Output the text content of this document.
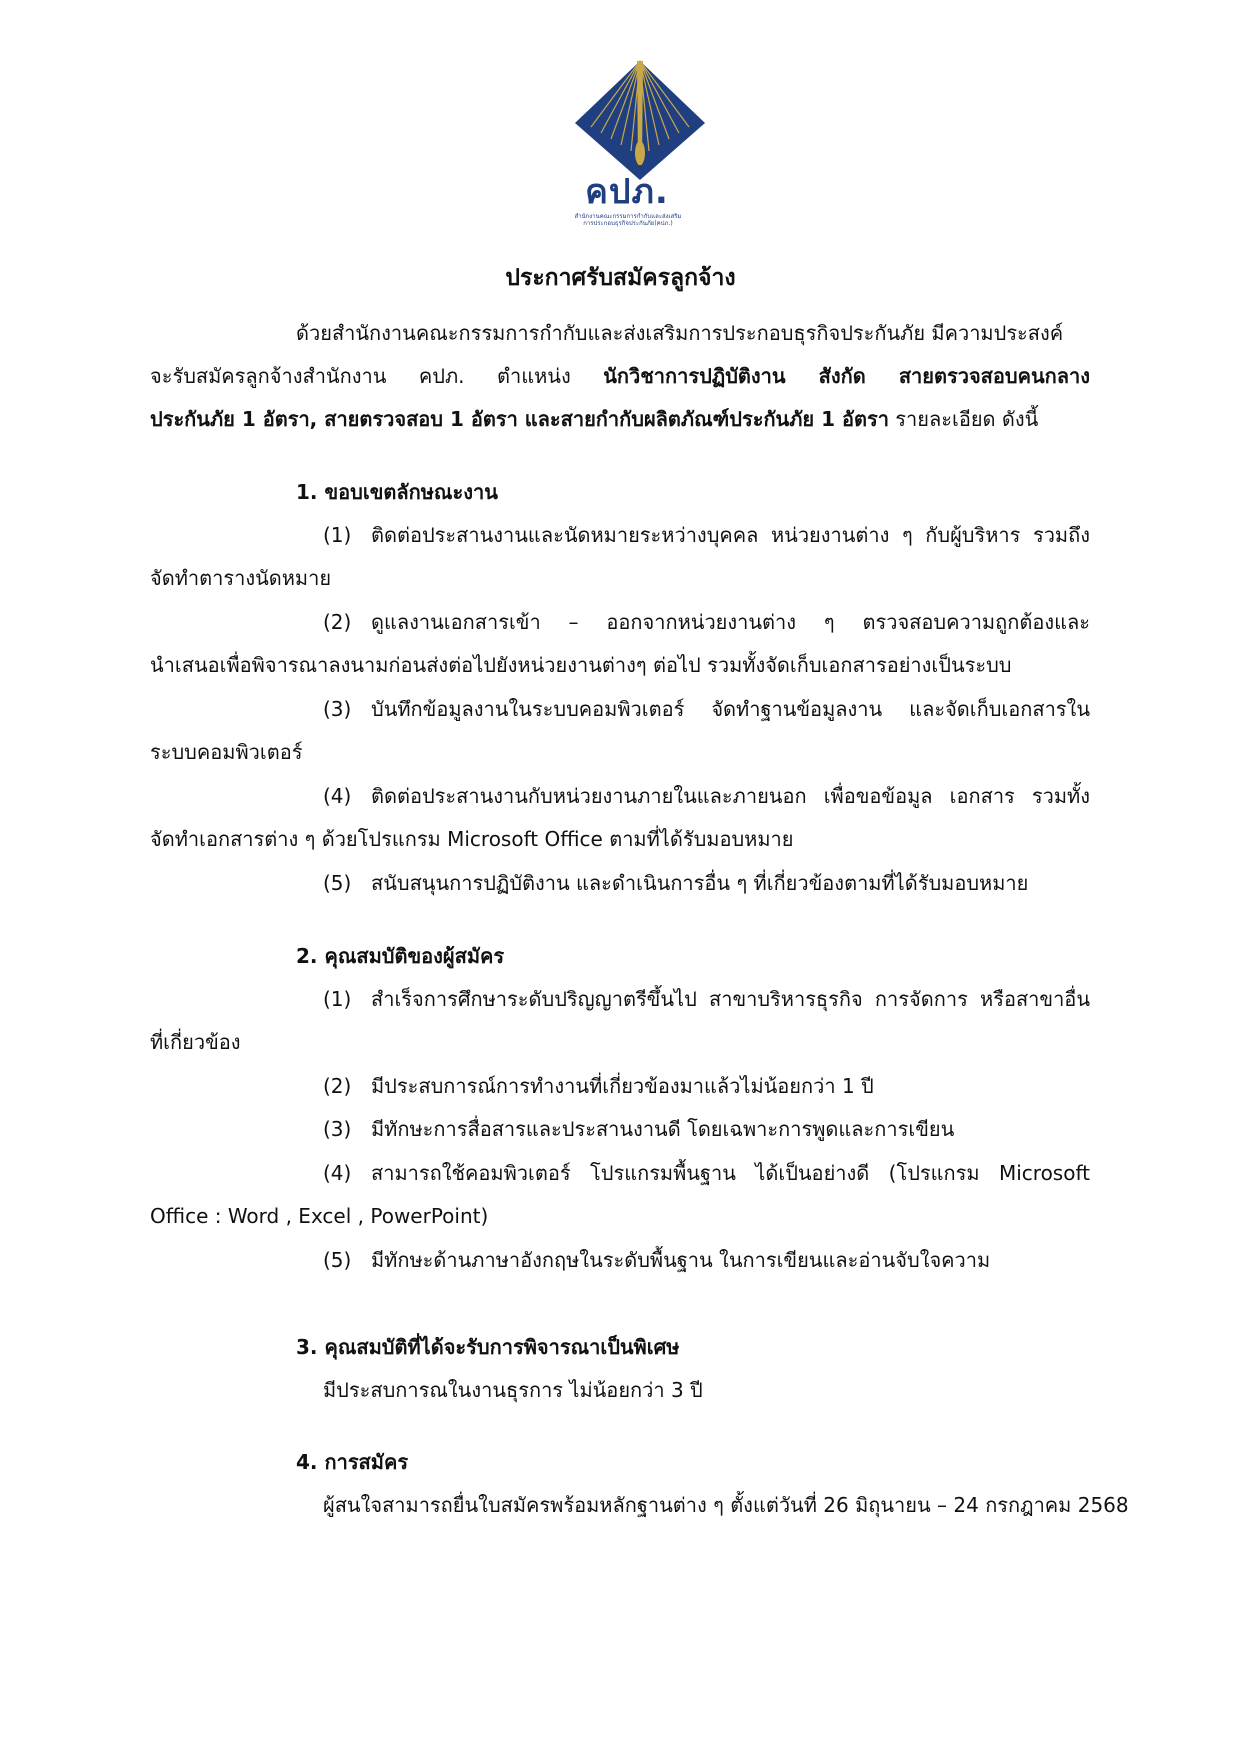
คปภ.
สำนักงานคณะกรรมการกำกับและส่งเสริม
การประกอบธุรกิจประกันภัย(คปภ.)
ประกาศรับสมัครลูกจ้าง
ด้วยสำนักงานคณะกรรมการกำกับและส่งเสริมการประกอบธุรกิจประกันภัย มีความประสงค์
จะรับสมัครลูกจ้างสำนักงาน คปภ. ตำแหน่ง นักวิชาการปฏิบัติงาน สังกัด สายตรวจสอบคนกลาง
ประกันภัย 1 อัตรา, สายตรวจสอบ 1 อัตรา และสายกำกับผลิตภัณฑ์ประกันภัย 1 อัตรา รายละเอียด ดังนี้
1. ขอบเขตลักษณะงาน
(1) ติดต่อประสานงานและนัดหมายระหว่างบุคคล หน่วยงานต่าง ๆ กับผู้บริหาร รวมถึง
จัดทำตารางนัดหมาย
(2) ดูแลงานเอกสารเข้า – ออกจากหน่วยงานต่าง ๆ ตรวจสอบความถูกต้องและ
นำเสนอเพื่อพิจารณาลงนามก่อนส่งต่อไปยังหน่วยงานต่างๆ ต่อไป รวมทั้งจัดเก็บเอกสารอย่างเป็นระบบ
(3) บันทึกข้อมูลงานในระบบคอมพิวเตอร์ จัดทำฐานข้อมูลงาน และจัดเก็บเอกสารใน
ระบบคอมพิวเตอร์
(4) ติดต่อประสานงานกับหน่วยงานภายในและภายนอก เพื่อขอข้อมูล เอกสาร รวมทั้ง
จัดทำเอกสารต่าง ๆ ด้วยโปรแกรม Microsoft Office ตามที่ได้รับมอบหมาย
(5) สนับสนุนการปฏิบัติงาน และดำเนินการอื่น ๆ ที่เกี่ยวข้องตามที่ได้รับมอบหมาย
2. คุณสมบัติของผู้สมัคร
(1) สำเร็จการศึกษาระดับปริญญาตรีขึ้นไป สาขาบริหารธุรกิจ การจัดการ หรือสาขาอื่น
ที่เกี่ยวข้อง
(2) มีประสบการณ์การทำงานที่เกี่ยวข้องมาแล้วไม่น้อยกว่า 1 ปี
(3) มีทักษะการสื่อสารและประสานงานดี โดยเฉพาะการพูดและการเขียน
(4) สามารถใช้คอมพิวเตอร์ โปรแกรมพื้นฐาน ได้เป็นอย่างดี (โปรแกรม Microsoft
Office : Word , Excel , PowerPoint)
(5) มีทักษะด้านภาษาอังกฤษในระดับพื้นฐาน ในการเขียนและอ่านจับใจความ
3. คุณสมบัติที่ได้จะรับการพิจารณาเป็นพิเศษ
มีประสบการณในงานธุรการ ไม่น้อยกว่า 3 ปี
4. การสมัคร
ผู้สนใจสามารถยื่นใบสมัครพร้อมหลักฐานต่าง ๆ ตั้งแต่วันที่ 26 มิถุนายน – 24 กรกฎาคม 2568
